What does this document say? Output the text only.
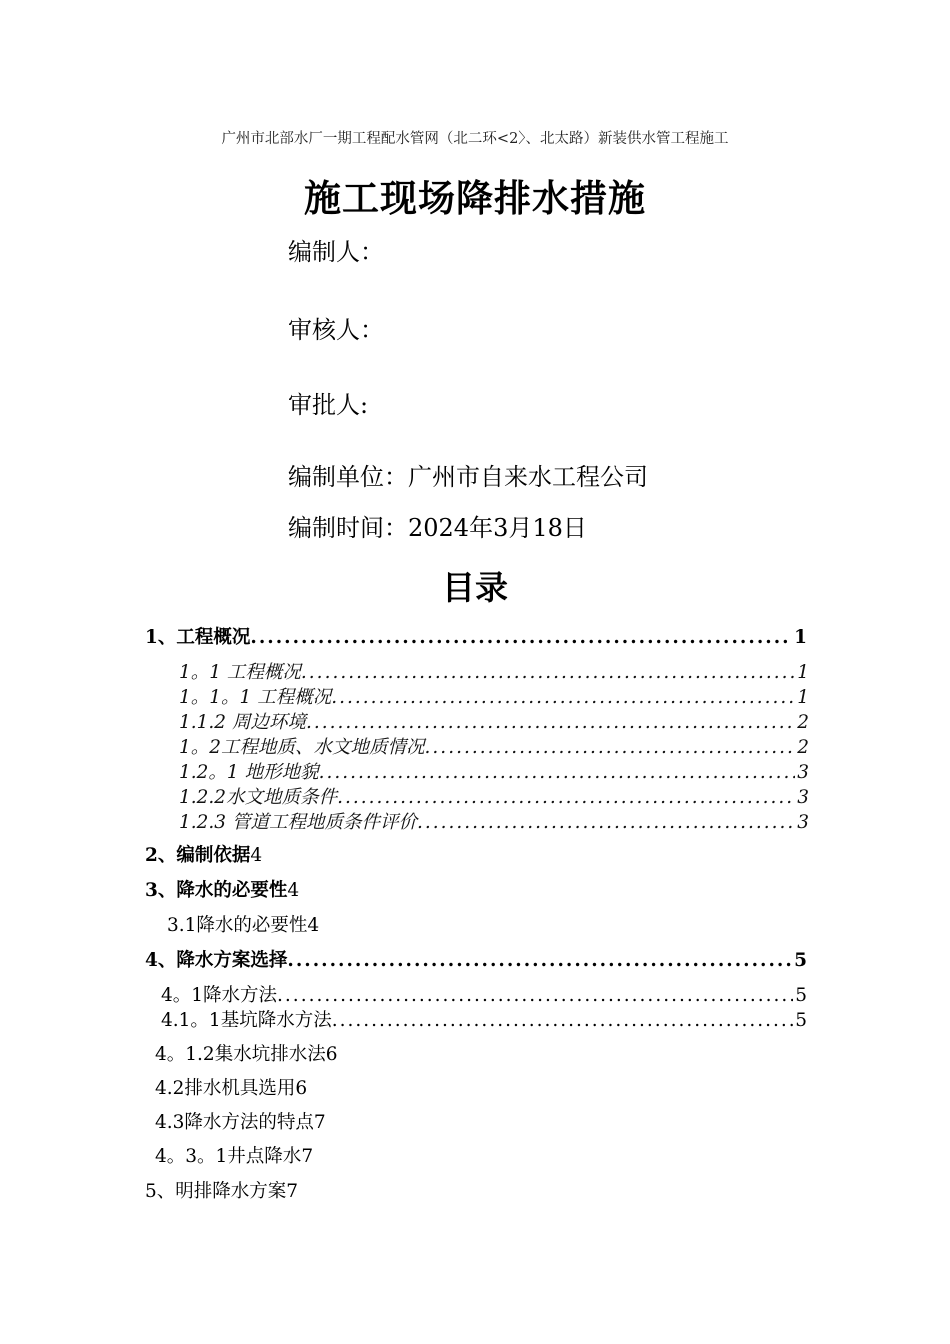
广州市北部水厂一期工程配水管网（北二环<2〉、北太路）新装供水管工程施工
施工现场降排水措施
编制人：
审核人：
审批人:
编制单位：广州市自来水工程公司
编制时间：2024年3月18日
目录
1、工程概况 .....	1
1。1 工程概况 .....	1
1。1。1 工程概况 .....	1
1.1.2 周边环境 .....	2
1。2工程地质、水文地质情况 .....	2
1.2。1 地形地貌 .....	3
1.2.2水文地质条件 .....	3
1.2.3 管道工程地质条件评价 .....	3
2、编制依据4
3、降水的必要性4
3.1降水的必要性4
4、降水方案选择 .....	5
4。1降水方法 .....	5
4.1。1基坑降水方法 .....	5
4。1.2集水坑排水法6
4.2排水机具选用6
4.3降水方法的特点7
4。3。1井点降水7
5、明排降水方案7
